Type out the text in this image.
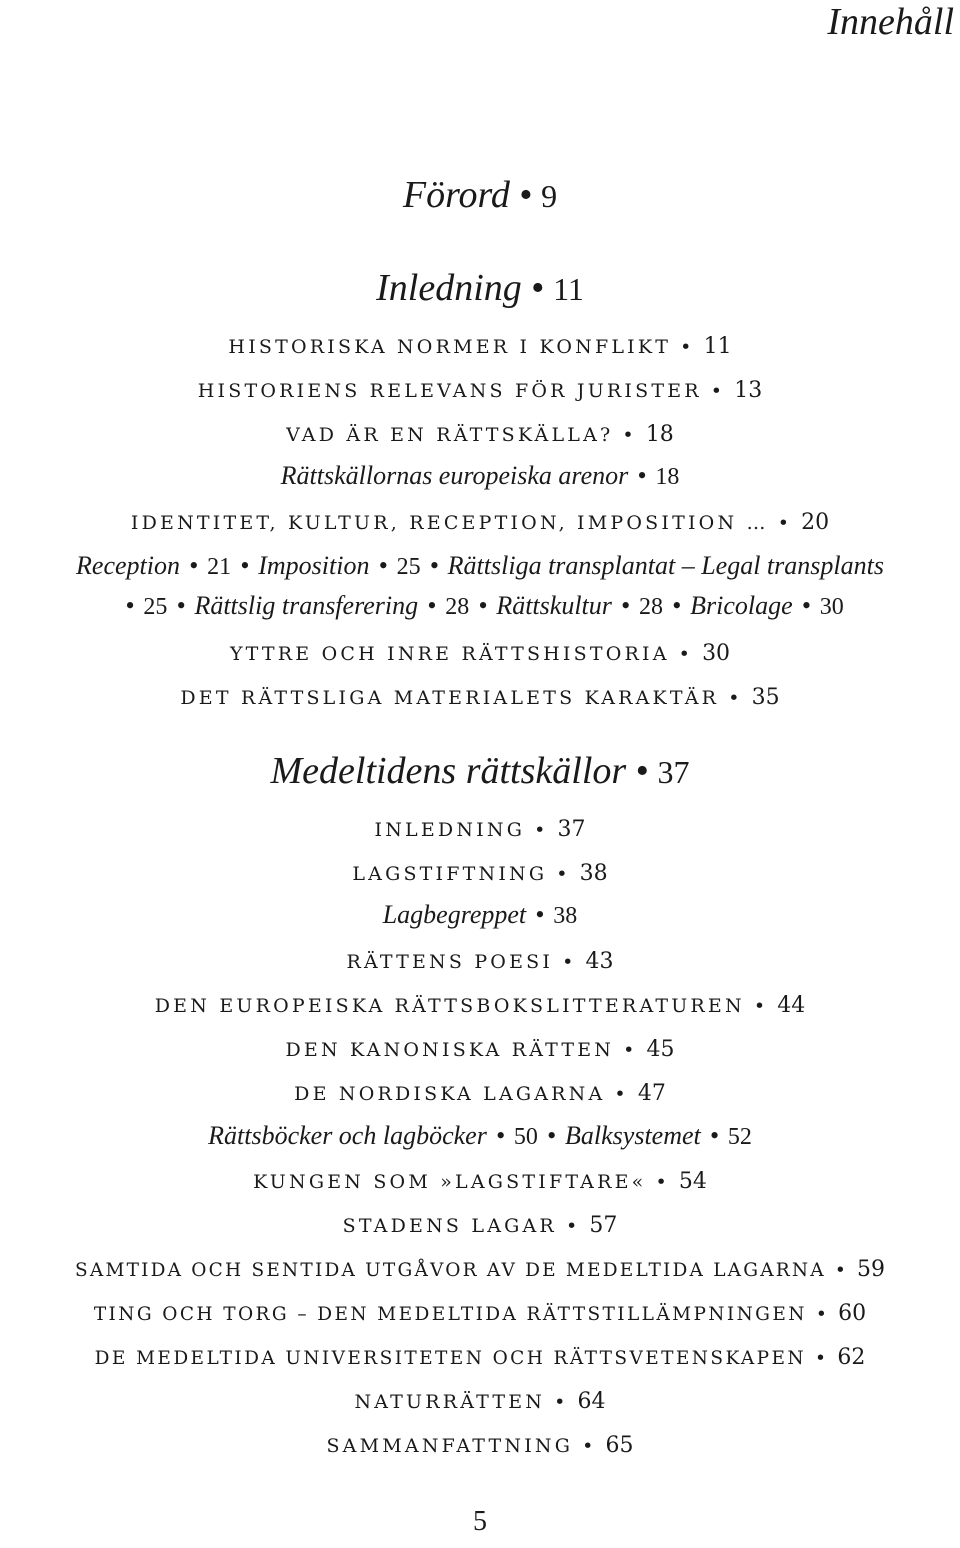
Innehåll
Förord • 9
Inledning • 11
HISTORISKA NORMER I KONFLIKT • 11
HISTORIENS RELEVANS FÖR JURISTER • 13
VAD ÄR EN RÄTTSKÄLLA? • 18
Rättskällornas europeiska arenor • 18
IDENTITET, KULTUR, RECEPTION, IMPOSITION … • 20
Reception • 21 • Imposition • 25 • Rättsliga transplantat – Legal transplants
• 25 • Rättslig transferering • 28 • Rättskultur • 28 • Bricolage • 30
YTTRE OCH INRE RÄTTSHISTORIA • 30
DET RÄTTSLIGA MATERIALETS KARAKTÄR • 35
Medeltidens rättskällor • 37
INLEDNING • 37
LAGSTIFTNING • 38
Lagbegreppet • 38
RÄTTENS POESI • 43
DEN EUROPEISKA RÄTTSBOKSLITTERATUREN • 44
DEN KANONISKA RÄTTEN • 45
DE NORDISKA LAGARNA • 47
Rättsböcker och lagböcker • 50 • Balksystemet • 52
KUNGEN SOM »LAGSTIFTARE« • 54
STADENS LAGAR • 57
SAMTIDA OCH SENTIDA UTGÅVOR AV DE MEDELTIDA LAGARNA • 59
TING OCH TORG – DEN MEDELTIDA RÄTTSTILLÄMPNINGEN • 60
DE MEDELTIDA UNIVERSITETEN OCH RÄTTSVETENSKAPEN • 62
NATURRÄTTEN • 64
SAMMANFATTNING • 65
5
